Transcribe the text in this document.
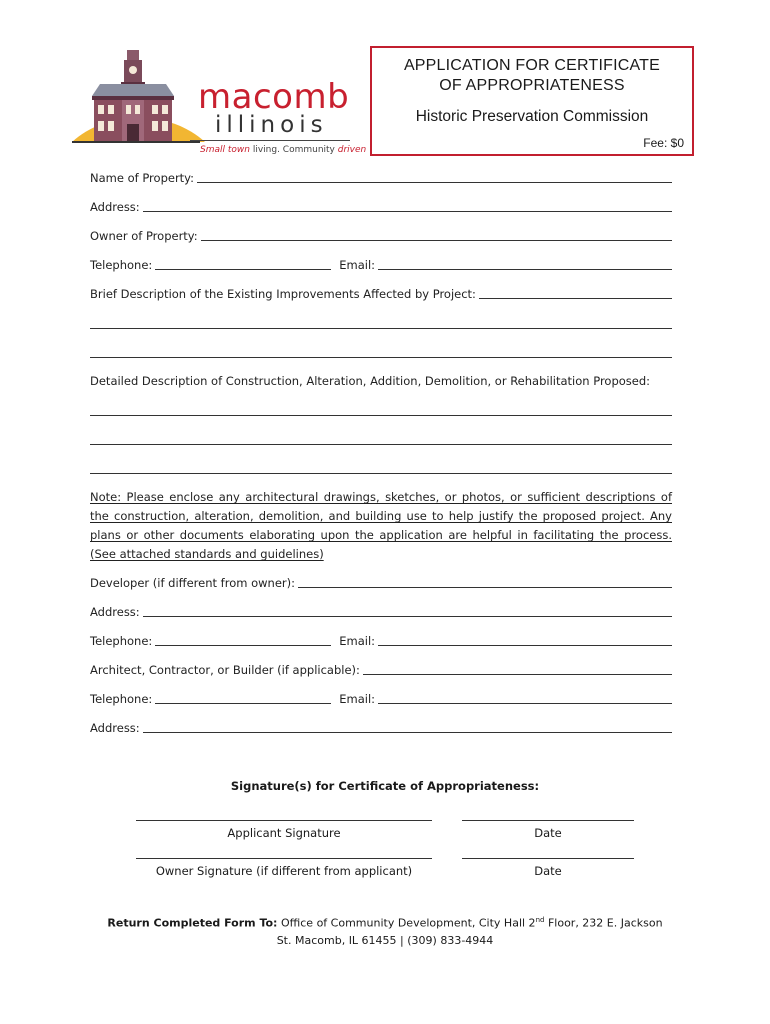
macomb
illinois
Small town living. Community driven
APPLICATION FOR CERTIFICATE
OF APPROPRIATENESS
Historic Preservation Commission
Fee: $0
Name of Property:
Address:
Owner of Property:
Telephone:	Email:
Brief Description of the Existing Improvements Affected by Project:
Detailed Description of Construction, Alteration, Addition, Demolition, or Rehabilitation Proposed:
Note: Please enclose any architectural drawings, sketches, or photos, or sufficient descriptions of the construction, alteration, demolition, and building use to help justify the proposed project. Any plans or other documents elaborating upon the application are helpful in facilitating the process. (See attached standards and guidelines)
Developer (if different from owner):
Address:
Telephone:	Email:
Architect, Contractor, or Builder (if applicable):
Telephone:	Email:
Address:
Signature(s) for Certificate of Appropriateness:
Applicant Signature	Date
Owner Signature (if different from applicant)	Date
Return Completed Form To: Office of Community Development, City Hall 2nd Floor, 232 E. Jackson
St. Macomb, IL 61455 | (309) 833-4944
